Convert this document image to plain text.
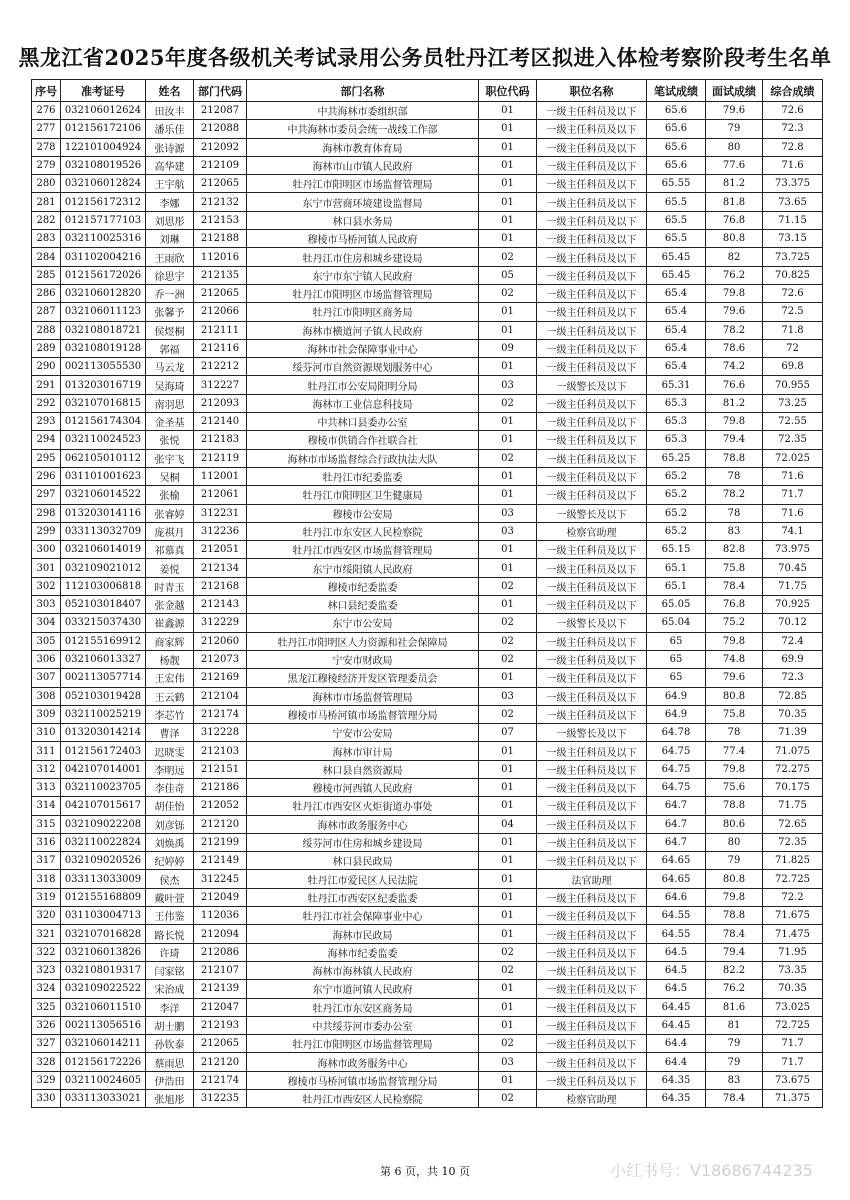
黑龙江省2025年度各级机关考试录用公务员牡丹江考区拟进入体检考察阶段考生名单
序号	准考证号	姓名	部门代码	部门名称	职位代码	职位名称	笔试成绩	面试成绩	综合成绩
276	032106012624	田汝丰	212087	中共海林市委组织部	01	一级主任科员及以下	65.6	79.6	72.6
277	012156172106	潘乐佳	212088	中共海林市委员会统一战线工作部	01	一级主任科员及以下	65.6	79	72.3
278	122101004924	张诗源	212092	海林市教育体育局	01	一级主任科员及以下	65.6	80	72.8
279	032108019526	高华建	212109	海林市山市镇人民政府	01	一级主任科员及以下	65.6	77.6	71.6
280	032106012824	王宇航	212065	牡丹江市阳明区市场监督管理局	01	一级主任科员及以下	65.55	81.2	73.375
281	012156172312	李娜	212132	东宁市营商环境建设监督局	01	一级主任科员及以下	65.5	81.8	73.65
282	012157177103	刘思彤	212153	林口县水务局	01	一级主任科员及以下	65.5	76.8	71.15
283	032110025316	刘琳	212188	穆棱市马桥河镇人民政府	01	一级主任科员及以下	65.5	80.8	73.15
284	031102004216	王雨欣	112016	牡丹江市住房和城乡建设局	02	一级主任科员及以下	65.45	82	73.725
285	012156172026	徐思宇	212135	东宁市东宁镇人民政府	05	一级主任科员及以下	65.45	76.2	70.825
286	032106012820	乔一洲	212065	牡丹江市阳明区市场监督管理局	02	一级主任科员及以下	65.4	79.8	72.6
287	032106011123	张馨予	212066	牡丹江市阳明区商务局	01	一级主任科员及以下	65.4	79.6	72.5
288	032108018721	侯煜桐	212111	海林市横道河子镇人民政府	01	一级主任科员及以下	65.4	78.2	71.8
289	032108019128	郭福	212116	海林市社会保障事业中心	09	一级主任科员及以下	65.4	78.6	72
290	002113055530	马云龙	212212	绥芬河市自然资源规划服务中心	01	一级主任科员及以下	65.4	74.2	69.8
291	013203016719	吴海琦	312227	牡丹江市公安局阳明分局	03	一级警长及以下	65.31	76.6	70.955
292	032107016815	南羽思	212093	海林市工业信息科技局	02	一级主任科员及以下	65.3	81.2	73.25
293	012156174304	金圣基	212140	中共林口县委办公室	01	一级主任科员及以下	65.3	79.8	72.55
294	032110024523	张悦	212183	穆棱市供销合作社联合社	01	一级主任科员及以下	65.3	79.4	72.35
295	062105010112	张宇飞	212119	海林市市场监督综合行政执法大队	02	一级主任科员及以下	65.25	78.8	72.025
296	031101001623	吴桐	112001	牡丹江市纪委监委	01	一级主任科员及以下	65.2	78	71.6
297	032106014522	张榆	212061	牡丹江市阳明区卫生健康局	01	一级主任科员及以下	65.2	78.2	71.7
298	013203014116	张睿婷	312231	穆棱市公安局	03	一级警长及以下	65.2	78	71.6
299	033113032709	庞祺月	312236	牡丹江市东安区人民检察院	03	检察官助理	65.2	83	74.1
300	032106014019	祁慕真	212051	牡丹江市西安区市场监督管理局	01	一级主任科员及以下	65.15	82.8	73.975
301	032109021012	姜悦	212134	东宁市绥阳镇人民政府	01	一级主任科员及以下	65.1	75.8	70.45
302	112103006818	时青玉	212168	穆棱市纪委监委	02	一级主任科员及以下	65.1	78.4	71.75
303	052103018407	张金越	212143	林口县纪委监委	01	一级主任科员及以下	65.05	76.8	70.925
304	033215037430	崔鑫源	312229	东宁市公安局	02	一级警长及以下	65.04	75.2	70.12
305	012155169912	商家辉	212060	牡丹江市阳明区人力资源和社会保障局	02	一级主任科员及以下	65	79.8	72.4
306	032106013327	杨靓	212073	宁安市财政局	02	一级主任科员及以下	65	74.8	69.9
307	002113057714	王宏伟	212169	黑龙江穆棱经济开发区管理委员会	01	一级主任科员及以下	65	79.6	72.3
308	052103019428	王云鹤	212104	海林市市场监督管理局	03	一级主任科员及以下	64.9	80.8	72.85
309	032110025219	李芯竹	212174	穆棱市马桥河镇市场监督管理分局	02	一级主任科员及以下	64.9	75.8	70.35
310	013203014214	曹泽	312228	宁安市公安局	07	一级警长及以下	64.78	78	71.39
311	012156172403	迟晓雯	212103	海林市审计局	01	一级主任科员及以下	64.75	77.4	71.075
312	042107014001	李明远	212151	林口县自然资源局	01	一级主任科员及以下	64.75	79.8	72.275
313	032110023705	李佳奇	212186	穆棱市河西镇人民政府	01	一级主任科员及以下	64.75	75.6	70.175
314	042107015617	胡佳怡	212052	牡丹江市西安区火炬街道办事处	01	一级主任科员及以下	64.7	78.8	71.75
315	032109022208	刘彦铄	212120	海林市政务服务中心	04	一级主任科员及以下	64.7	80.6	72.65
316	032110022824	刘焕禹	212199	绥芬河市住房和城乡建设局	01	一级主任科员及以下	64.7	80	72.35
317	032109020526	纪婷婷	212149	林口县民政局	01	一级主任科员及以下	64.65	79	71.825
318	033113033009	侯杰	312245	牡丹江市爱民区人民法院	01	法官助理	64.65	80.8	72.725
319	012155168809	戴叶萱	212049	牡丹江市西安区纪委监委	01	一级主任科员及以下	64.6	79.8	72.2
320	031103004713	王伟鉴	112036	牡丹江市社会保障事业中心	01	一级主任科员及以下	64.55	78.8	71.675
321	032107016828	路长悦	212094	海林市民政局	01	一级主任科员及以下	64.55	78.4	71.475
322	032106013826	许琦	212086	海林市纪委监委	02	一级主任科员及以下	64.5	79.4	71.95
323	032108019317	闫家铭	212107	海林市海林镇人民政府	02	一级主任科员及以下	64.5	82.2	73.35
324	032109022522	宋治成	212139	东宁市道河镇人民政府	01	一级主任科员及以下	64.5	76.2	70.35
325	032106011510	李洋	212047	牡丹江市东安区商务局	01	一级主任科员及以下	64.45	81.6	73.025
326	002113056516	胡士鹏	212193	中共绥芬河市委办公室	01	一级主任科员及以下	64.45	81	72.725
327	032106014211	孙钦泰	212065	牡丹江市阳明区市场监督管理局	02	一级主任科员及以下	64.4	79	71.7
328	012156172226	蔡雨思	212120	海林市政务服务中心	03	一级主任科员及以下	64.4	79	71.7
329	032110024605	伊浩田	212174	穆棱市马桥河镇市场监督管理分局	01	一级主任科员及以下	64.35	83	73.675
330	033113033021	张旭彤	312235	牡丹江市西安区人民检察院	02	检察官助理	64.35	78.4	71.375
第 6 页，共 10 页	小红书号：V18686744235
